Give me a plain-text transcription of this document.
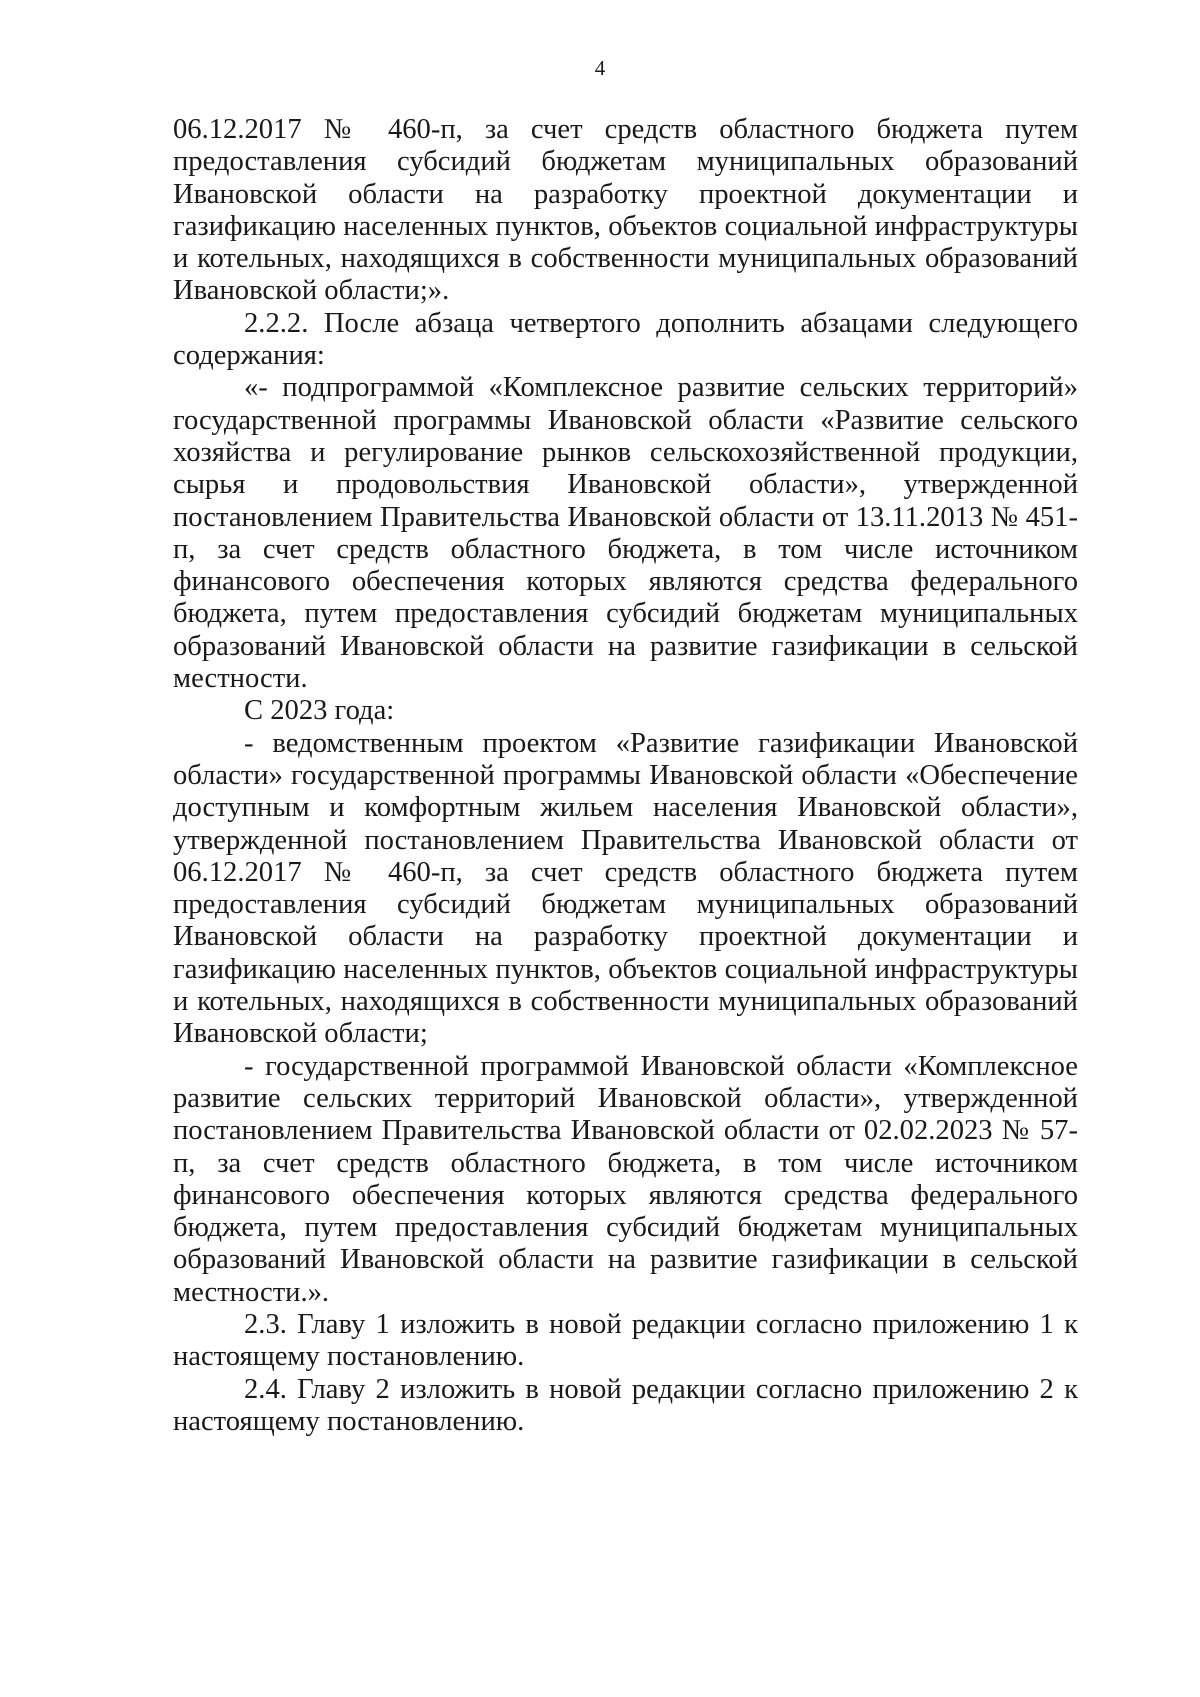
4

06.12.2017 № 460-п, за счет средств областного бюджета путем предоставления субсидий бюджетам муниципальных образований Ивановской области на разработку проектной документации и газификацию населенных пунктов, объектов социальной инфраструктуры и котельных, находящихся в собственности муниципальных образований Ивановской области;».

2.2.2. После абзаца четвертого дополнить абзацами следующего содержания:

«- подпрограммой «Комплексное развитие сельских территорий» государственной программы Ивановской области «Развитие сельского хозяйства и регулирование рынков сельскохозяйственной продукции, сырья и продовольствия Ивановской области», утвержденной постановлением Правительства Ивановской области от 13.11.2013 № 451-п, за счет средств областного бюджета, в том числе источником финансового обеспечения которых являются средства федерального бюджета, путем предоставления субсидий бюджетам муниципальных образований Ивановской области на развитие газификации в сельской местности.

С 2023 года:

- ведомственным проектом «Развитие газификации Ивановской области» государственной программы Ивановской области «Обеспечение доступным и комфортным жильем населения Ивановской области», утвержденной постановлением Правительства Ивановской области от 06.12.2017 № 460-п, за счет средств областного бюджета путем предоставления субсидий бюджетам муниципальных образований Ивановской области на разработку проектной документации и газификацию населенных пунктов, объектов социальной инфраструктуры и котельных, находящихся в собственности муниципальных образований Ивановской области;

- государственной программой Ивановской области «Комплексное развитие сельских территорий Ивановской области», утвержденной постановлением Правительства Ивановской области от 02.02.2023 № 57-п, за счет средств областного бюджета, в том числе источником финансового обеспечения которых являются средства федерального бюджета, путем предоставления субсидий бюджетам муниципальных образований Ивановской области на развитие газификации в сельской местности.».

2.3. Главу 1 изложить в новой редакции согласно приложению 1 к настоящему постановлению.

2.4. Главу 2 изложить в новой редакции согласно приложению 2 к настоящему постановлению.
